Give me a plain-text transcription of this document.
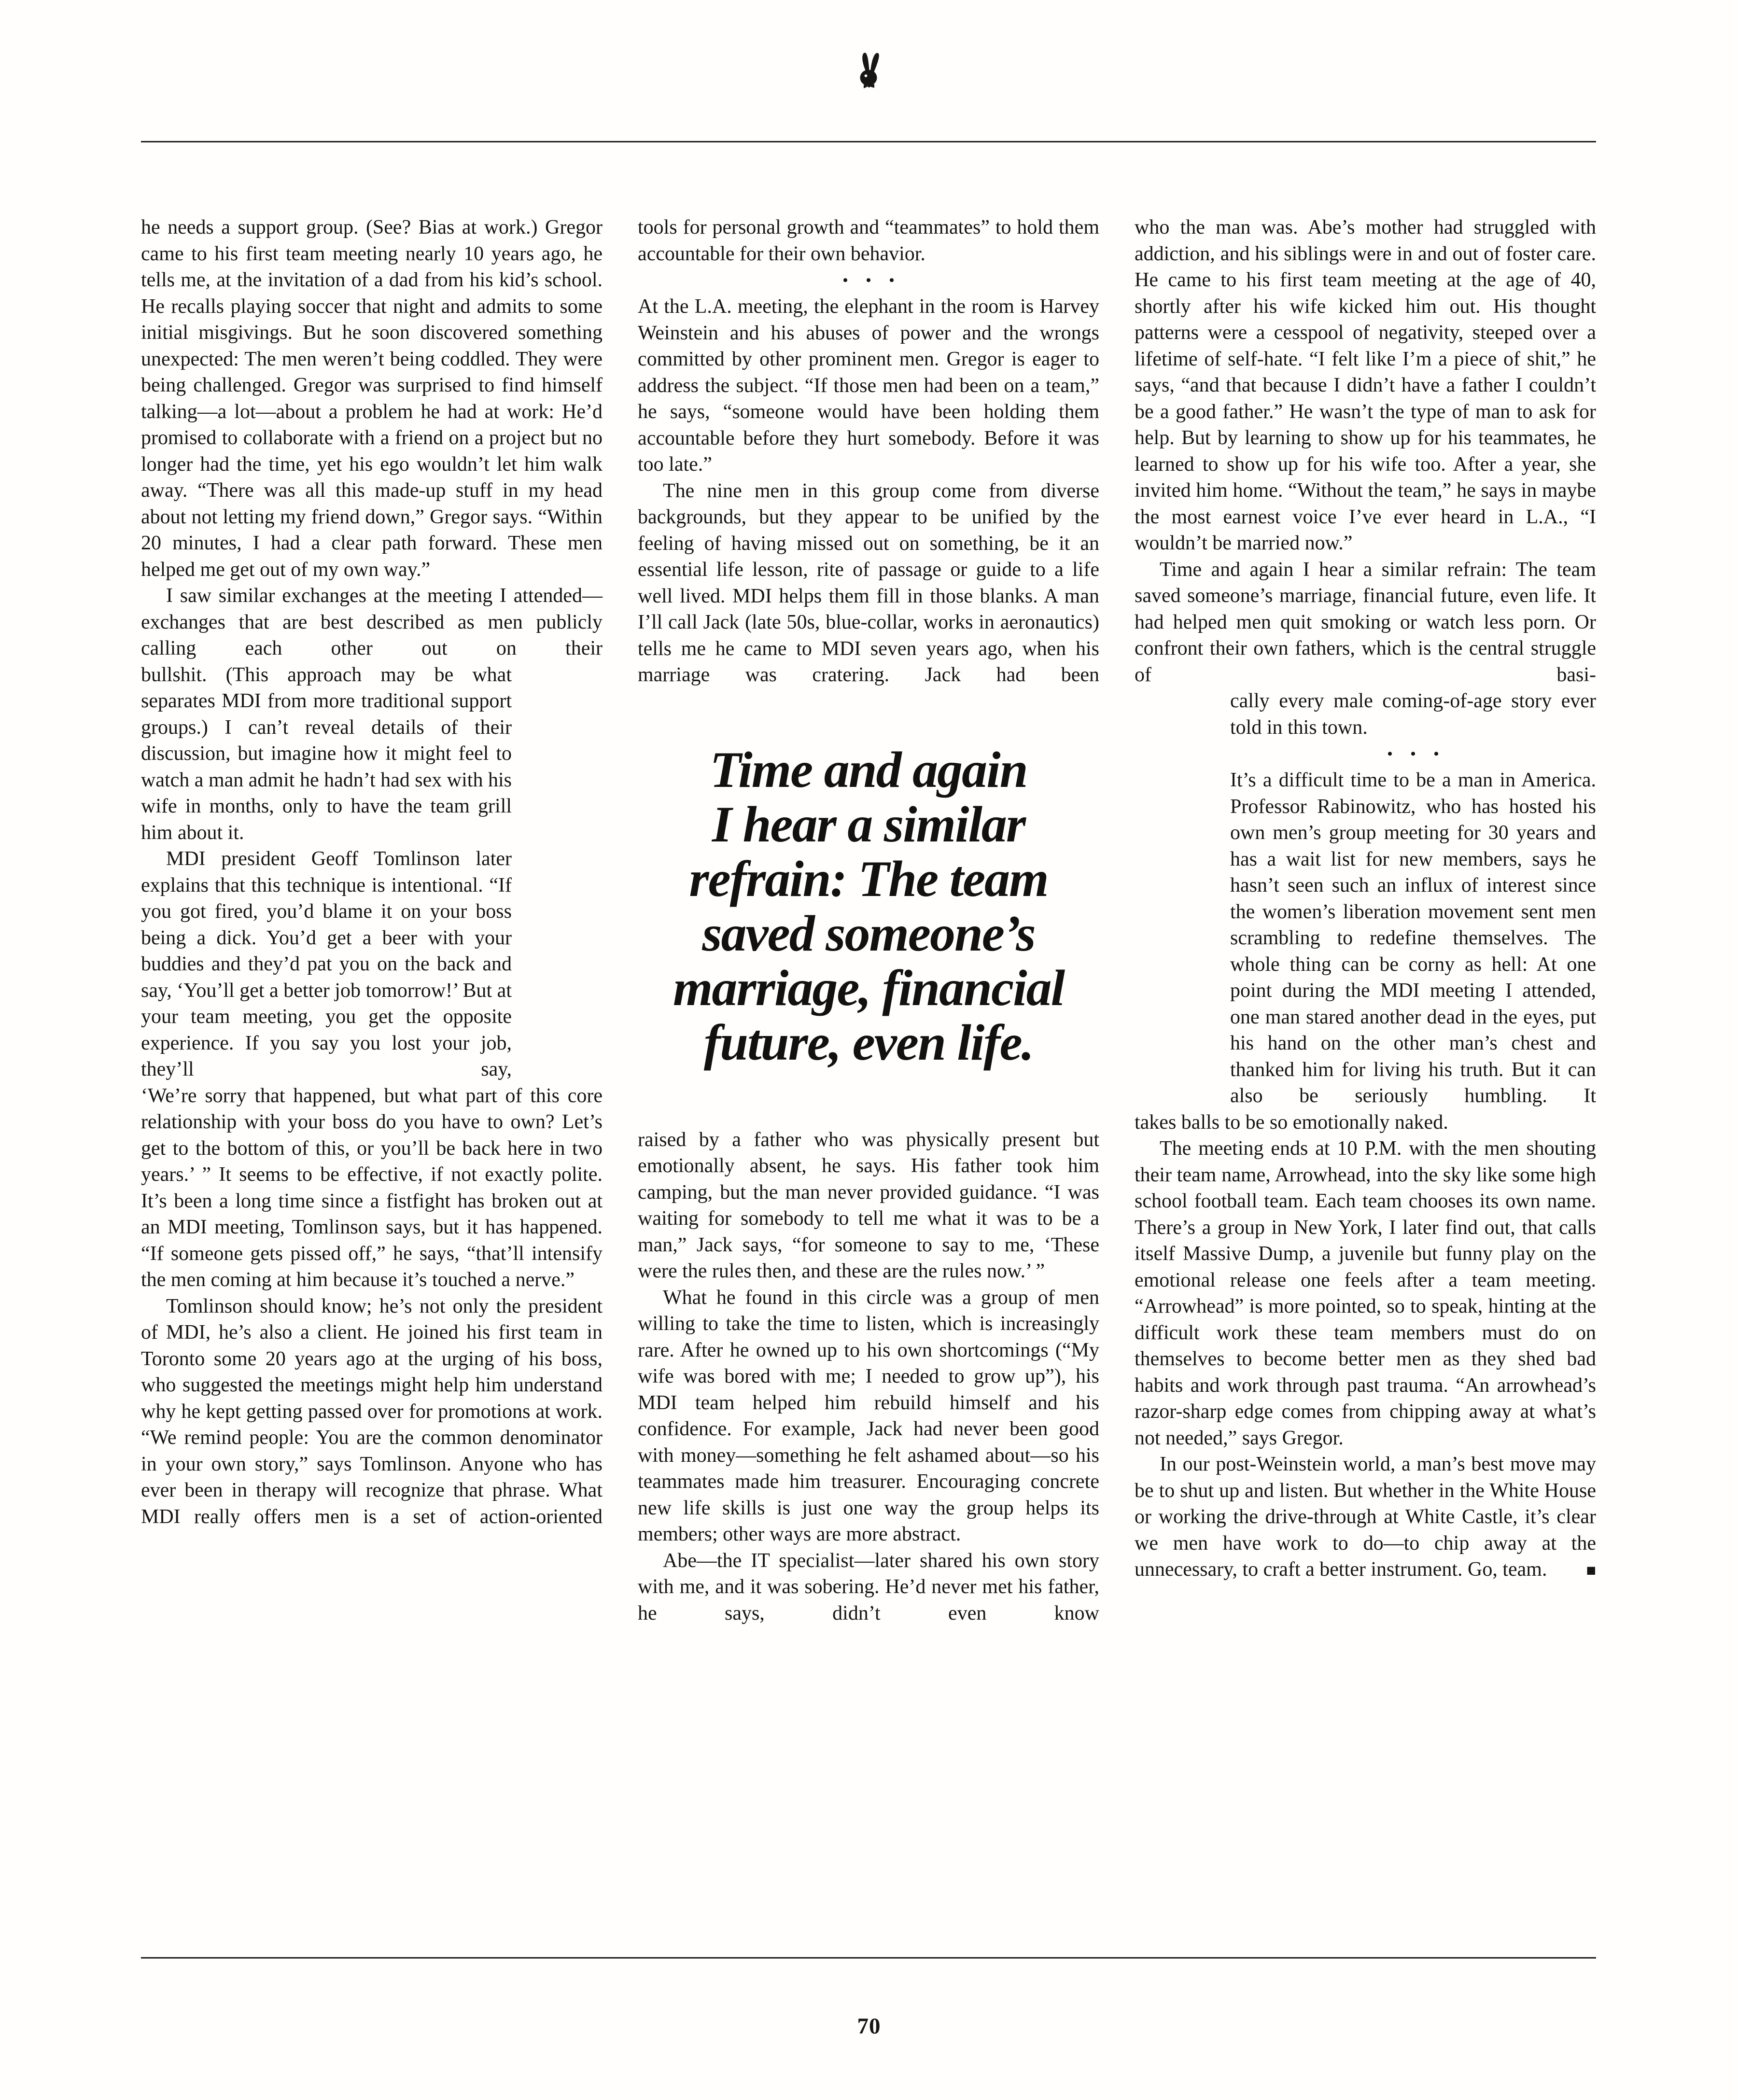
he needs a support group. (See? Bias at work.) Gregor came to his first team meeting nearly 10 years ago, he tells me, at the invitation of a dad from his kid’s school. He recalls playing soccer that night and admits to some initial misgivings. But he soon discovered something unexpected: The men weren’t being coddled. They were being challenged. Gregor was surprised to find himself talking—a lot—about a problem he had at work: He’d promised to collaborate with a friend on a project but no longer had the time, yet his ego wouldn’t let him walk away. “There was all this made-up stuff in my head about not letting my friend down,” Gregor says. “Within 20 minutes, I had a clear path forward. These men helped me get out of my own way.”

I saw similar exchanges at the meeting I attended—exchanges that are best described as men publicly calling each other out on their

bullshit. (This approach may be what separates MDI from more traditional support groups.) I can’t reveal details of their discussion, but imagine how it might feel to watch a man admit he hadn’t had sex with his wife in months, only to have the team grill him about it.

MDI president Geoff Tomlinson later explains that this technique is intentional. “If you got fired, you’d blame it on your boss being a dick. You’d get a beer with your buddies and they’d pat you on the back and say, ‘You’ll get a better job tomorrow!’ But at your team meeting, you get the opposite experience. If you say you lost your job, they’ll say,

‘We’re sorry that happened, but what part of this core relationship with your boss do you have to own? Let’s get to the bottom of this, or you’ll be back here in two years.’ ” It seems to be effective, if not exactly polite. It’s been a long time since a fistfight has broken out at an MDI meeting, Tomlinson says, but it has happened. “If someone gets pissed off,” he says, “that’ll intensify the men coming at him because it’s touched a nerve.”

Tomlinson should know; he’s not only the president of MDI, he’s also a client. He joined his first team in Toronto some 20 years ago at the urging of his boss, who suggested the meetings might help him understand why he kept getting passed over for promotions at work. “We remind people: You are the common denominator in your own story,” says Tomlinson. Anyone who has ever been in therapy will recognize that phrase. What MDI really offers men is a set of action-oriented

tools for personal growth and “teammates” to hold them accountable for their own behavior.

• • •

At the L.A. meeting, the elephant in the room is Harvey Weinstein and his abuses of power and the wrongs committed by other prominent men. Gregor is eager to address the subject. “If those men had been on a team,” he says, “someone would have been holding them accountable before they hurt somebody. Before it was too late.”

The nine men in this group come from diverse backgrounds, but they appear to be unified by the feeling of having missed out on something, be it an essential life lesson, rite of passage or guide to a life well lived. MDI helps them fill in those blanks. A man I’ll call Jack (late 50s, blue-collar, works in aeronautics) tells me he came to MDI seven years ago, when his marriage was cratering. Jack had been

Time and again
I hear a similar
refrain: The team
saved someone’s
marriage, financial
future, even life.

raised by a father who was physically present but emotionally absent, he says. His father took him camping, but the man never provided guidance. “I was waiting for somebody to tell me what it was to be a man,” Jack says, “for someone to say to me, ‘These were the rules then, and these are the rules now.’ ”

What he found in this circle was a group of men willing to take the time to listen, which is increasingly rare. After he owned up to his own shortcomings (“My wife was bored with me; I needed to grow up”), his MDI team helped him rebuild himself and his confidence. For example, Jack had never been good with money—something he felt ashamed about—so his teammates made him treasurer. Encouraging concrete new life skills is just one way the group helps its members; other ways are more abstract.

Abe—the IT specialist—later shared his own story with me, and it was sobering. He’d never met his father, he says, didn’t even know

who the man was. Abe’s mother had struggled with addiction, and his siblings were in and out of foster care. He came to his first team meeting at the age of 40, shortly after his wife kicked him out. His thought patterns were a cesspool of negativity, steeped over a lifetime of self-hate. “I felt like I’m a piece of shit,” he says, “and that because I didn’t have a father I couldn’t be a good father.” He wasn’t the type of man to ask for help. But by learning to show up for his teammates, he learned to show up for his wife too. After a year, she invited him home. “Without the team,” he says in maybe the most earnest voice I’ve ever heard in L.A., “I wouldn’t be married now.”

Time and again I hear a similar refrain: The team saved someone’s marriage, financial future, even life. It had helped men quit smoking or watch less porn. Or confront their own fathers, which is the central struggle of basi-

cally every male coming-of-age story ever told in this town.

• • •

It’s a difficult time to be a man in America. Professor Rabinowitz, who has hosted his own men’s group meeting for 30 years and has a wait list for new members, says he hasn’t seen such an influx of interest since the women’s liberation movement sent men scrambling to redefine themselves. The whole thing can be corny as hell: At one point during the MDI meeting I attended, one man stared another dead in the eyes, put his hand on the other man’s chest and thanked him for living his truth. But it can also be seriously humbling. It

takes balls to be so emotionally naked.

The meeting ends at 10 P.M. with the men shouting their team name, Arrowhead, into the sky like some high school football team. Each team chooses its own name. There’s a group in New York, I later find out, that calls itself Massive Dump, a juvenile but funny play on the emotional release one feels after a team meeting. “Arrowhead” is more pointed, so to speak, hinting at the difficult work these team members must do on themselves to become better men as they shed bad habits and work through past trauma. “An arrowhead’s razor-sharp edge comes from chipping away at what’s not needed,” says Gregor.

In our post-Weinstein world, a man’s best move may be to shut up and listen. But whether in the White House or working the drive-through at White Castle, it’s clear we men have work to do—to chip away at the unnecessary, to craft a better instrument. Go, team.	■

70
